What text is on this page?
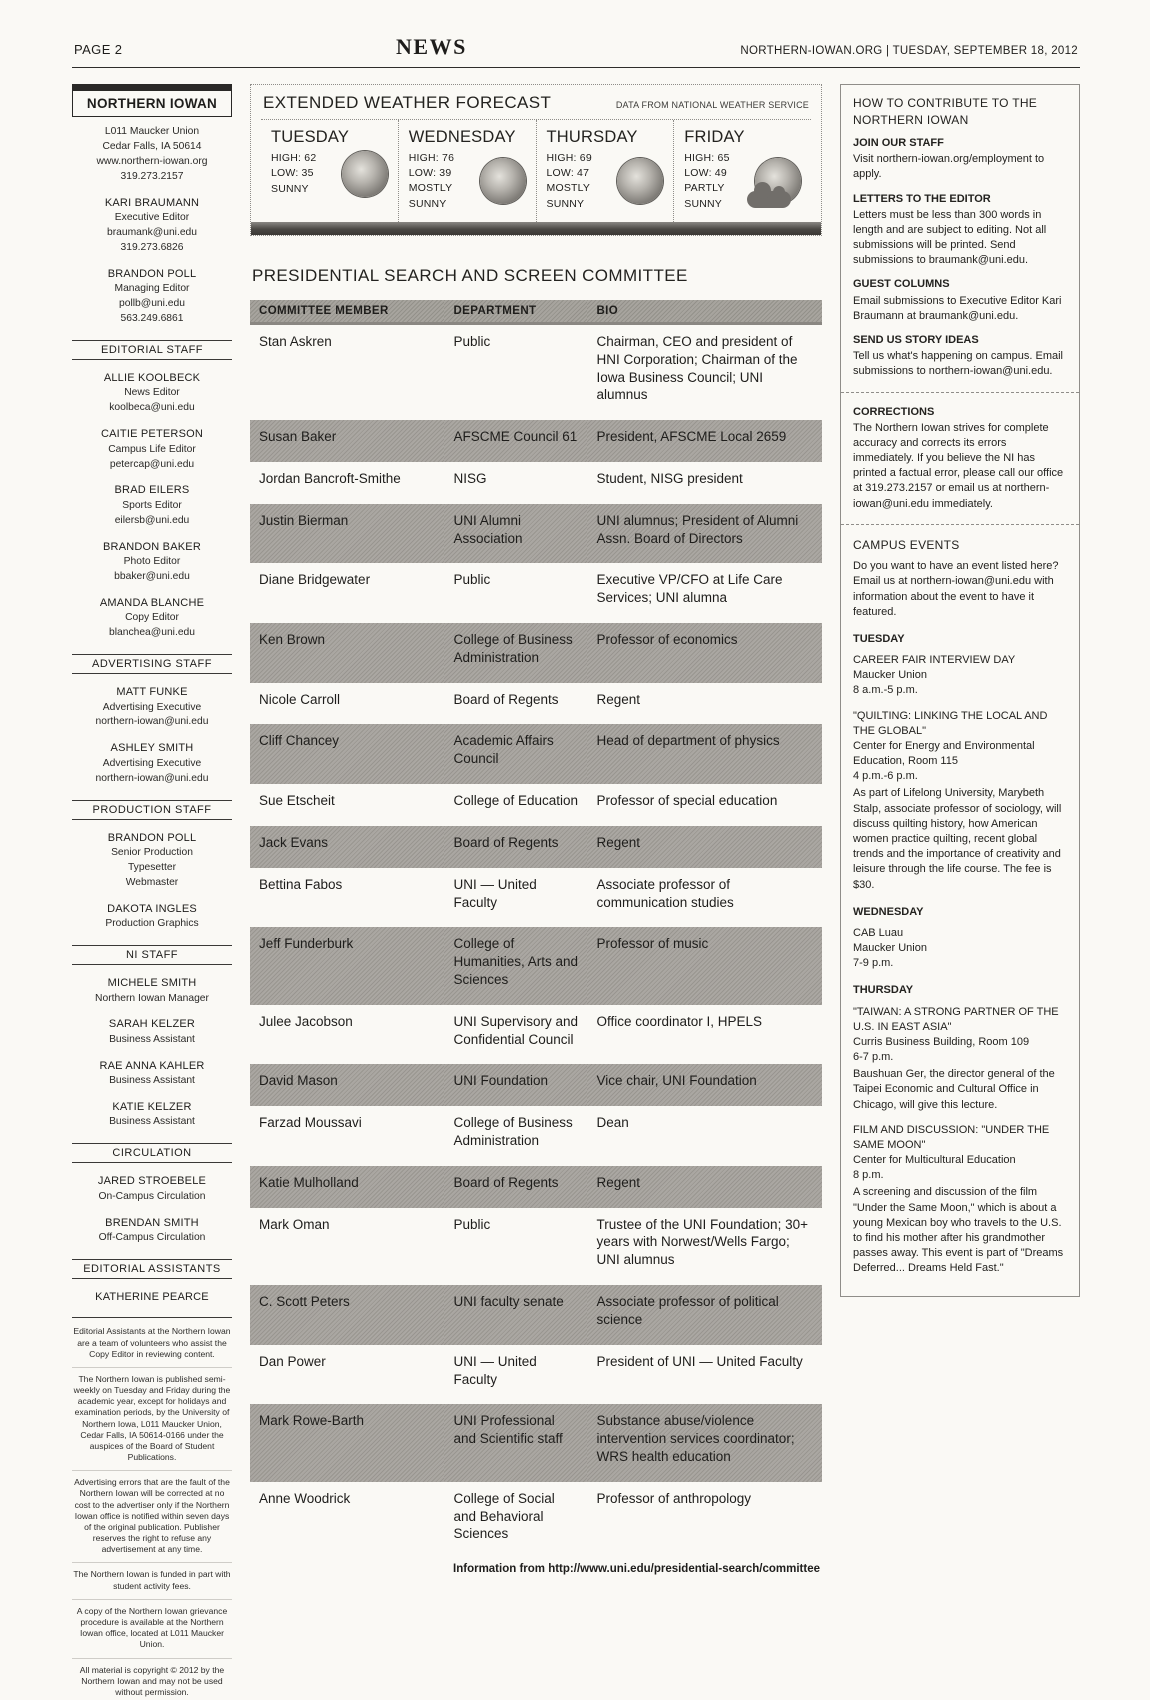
PAGE 2	NEWS	NORTHERN-IOWAN.ORG | TUESDAY, SEPTEMBER 18, 2012
NORTHERN IOWAN
L011 Maucker Union
Cedar Falls, IA 50614
www.northern-iowan.org
319.273.2157
KARI BRAUMANN
Executive Editor
braumank@uni.edu
319.273.6826
BRANDON POLL
Managing Editor
pollb@uni.edu
563.249.6861
EDITORIAL STAFF
ALLIE KOOLBECK
News Editor
koolbeca@uni.edu
CAITIE PETERSON
Campus Life Editor
petercap@uni.edu
BRAD EILERS
Sports Editor
eilersb@uni.edu
BRANDON BAKER
Photo Editor
bbaker@uni.edu
AMANDA BLANCHE
Copy Editor
blanchea@uni.edu
ADVERTISING STAFF
MATT FUNKE
Advertising Executive
northern-iowan@uni.edu
ASHLEY SMITH
Advertising Executive
northern-iowan@uni.edu
PRODUCTION STAFF
BRANDON POLL
Senior Production
Typesetter
Webmaster
DAKOTA INGLES
Production Graphics
NI STAFF
MICHELE SMITH
Northern Iowan Manager
SARAH KELZER
Business Assistant
RAE ANNA KAHLER
Business Assistant
KATIE KELZER
Business Assistant
CIRCULATION
JARED STROEBELE
On-Campus Circulation
BRENDAN SMITH
Off-Campus Circulation
EDITORIAL ASSISTANTS
KATHERINE PEARCE

Editorial Assistants at the Northern Iowan are a team of volunteers who assist the Copy Editor in reviewing content.

The Northern Iowan is published semi-weekly on Tuesday and Friday during the academic year, except for holidays and examination periods, by the University of Northern Iowa, L011 Maucker Union, Cedar Falls, IA 50614-0166 under the auspices of the Board of Student Publications.

Advertising errors that are the fault of the Northern Iowan will be corrected at no cost to the advertiser only if the Northern Iowan office is notified within seven days of the original publication. Publisher reserves the right to refuse any advertisement at any time.

The Northern Iowan is funded in part with student activity fees.

A copy of the Northern Iowan grievance procedure is available at the Northern Iowan office, located at L011 Maucker Union.

All material is copyright © 2012 by the Northern Iowan and may not be used without permission.

EXTENDED WEATHER FORECAST	DATA FROM NATIONAL WEATHER SERVICE
TUESDAY
HIGH: 62
LOW: 35
SUNNY
WEDNESDAY
HIGH: 76
LOW: 39
MOSTLY SUNNY
THURSDAY
HIGH: 69
LOW: 47
MOSTLY SUNNY
FRIDAY
HIGH: 65
LOW: 49
PARTLY SUNNY
PRESIDENTIAL SEARCH AND SCREEN COMMITTEE
COMMITTEE MEMBER	DEPARTMENT	BIO
Stan Askren	Public	Chairman, CEO and president of HNI Corporation; Chairman of the Iowa Business Council; UNI alumnus
Susan Baker	AFSCME Council 61	President, AFSCME Local 2659
Jordan Bancroft-Smithe	NISG	Student, NISG president
Justin Bierman	UNI Alumni Association	UNI alumnus; President of Alumni Assn. Board of Directors
Diane Bridgewater	Public	Executive VP/CFO at Life Care Services; UNI alumna
Ken Brown	College of Business Administration	Professor of economics
Nicole Carroll	Board of Regents	Regent
Cliff Chancey	Academic Affairs Council	Head of department of physics
Sue Etscheit	College of Education	Professor of special education
Jack Evans	Board of Regents	Regent
Bettina Fabos	UNI — United Faculty	Associate professor of communication studies
Jeff Funderburk	College of Humanities, Arts and Sciences	Professor of music
Julee Jacobson	UNI Supervisory and Confidential Council	Office coordinator I, HPELS
David Mason	UNI Foundation	Vice chair, UNI Foundation
Farzad Moussavi	College of Business Administration	Dean
Katie Mulholland	Board of Regents	Regent
Mark Oman	Public	Trustee of the UNI Foundation; 30+ years with Norwest/Wells Fargo; UNI alumnus
C. Scott Peters	UNI faculty senate	Associate professor of political science
Dan Power	UNI — United Faculty	President of UNI — United Faculty
Mark Rowe-Barth	UNI Professional and Scientific staff	Substance abuse/violence intervention services coordinator; WRS health education
Anne Woodrick	College of Social and Behavioral Sciences	Professor of anthropology
Information from http://www.uni.edu/presidential-search/committee
HOW TO CONTRIBUTE TO THE NORTHERN IOWAN
JOIN OUR STAFF
Visit northern-iowan.org/employment to apply.
LETTERS TO THE EDITOR
Letters must be less than 300 words in length and are subject to editing. Not all submissions will be printed. Send submissions to braumank@uni.edu.
GUEST COLUMNS
Email submissions to Executive Editor Kari Braumann at braumank@uni.edu.
SEND US STORY IDEAS
Tell us what's happening on campus. Email submissions to northern-iowan@uni.edu.
CORRECTIONS

The Northern Iowan strives for complete accuracy and corrects its errors immediately. If you believe the NI has printed a factual error, please call our office at 319.273.2157 or email us at northern-iowan@uni.edu immediately.

CAMPUS EVENTS

Do you want to have an event listed here? Email us at northern-iowan@uni.edu with information about the event to have it featured.

TUESDAY
CAREER FAIR INTERVIEW DAY
Maucker Union
8 a.m.-5 p.m.
"QUILTING: LINKING THE LOCAL AND THE GLOBAL"
Center for Energy and Environmental Education, Room 115
4 p.m.-6 p.m.
As part of Lifelong University, Marybeth Stalp, associate professor of sociology, will discuss quilting history, how American women practice quilting, recent global trends and the importance of creativity and leisure through the life course. The fee is $30.
WEDNESDAY
CAB Luau
Maucker Union
7-9 p.m.
THURSDAY
"TAIWAN: A STRONG PARTNER OF THE U.S. IN EAST ASIA"
Curris Business Building, Room 109
6-7 p.m.
Baushuan Ger, the director general of the Taipei Economic and Cultural Office in Chicago, will give this lecture.
FILM AND DISCUSSION: "UNDER THE SAME MOON"
Center for Multicultural Education
8 p.m.
A screening and discussion of the film "Under the Same Moon," which is about a young Mexican boy who travels to the U.S. to find his mother after his grandmother passes away. This event is part of "Dreams Deferred... Dreams Held Fast."
